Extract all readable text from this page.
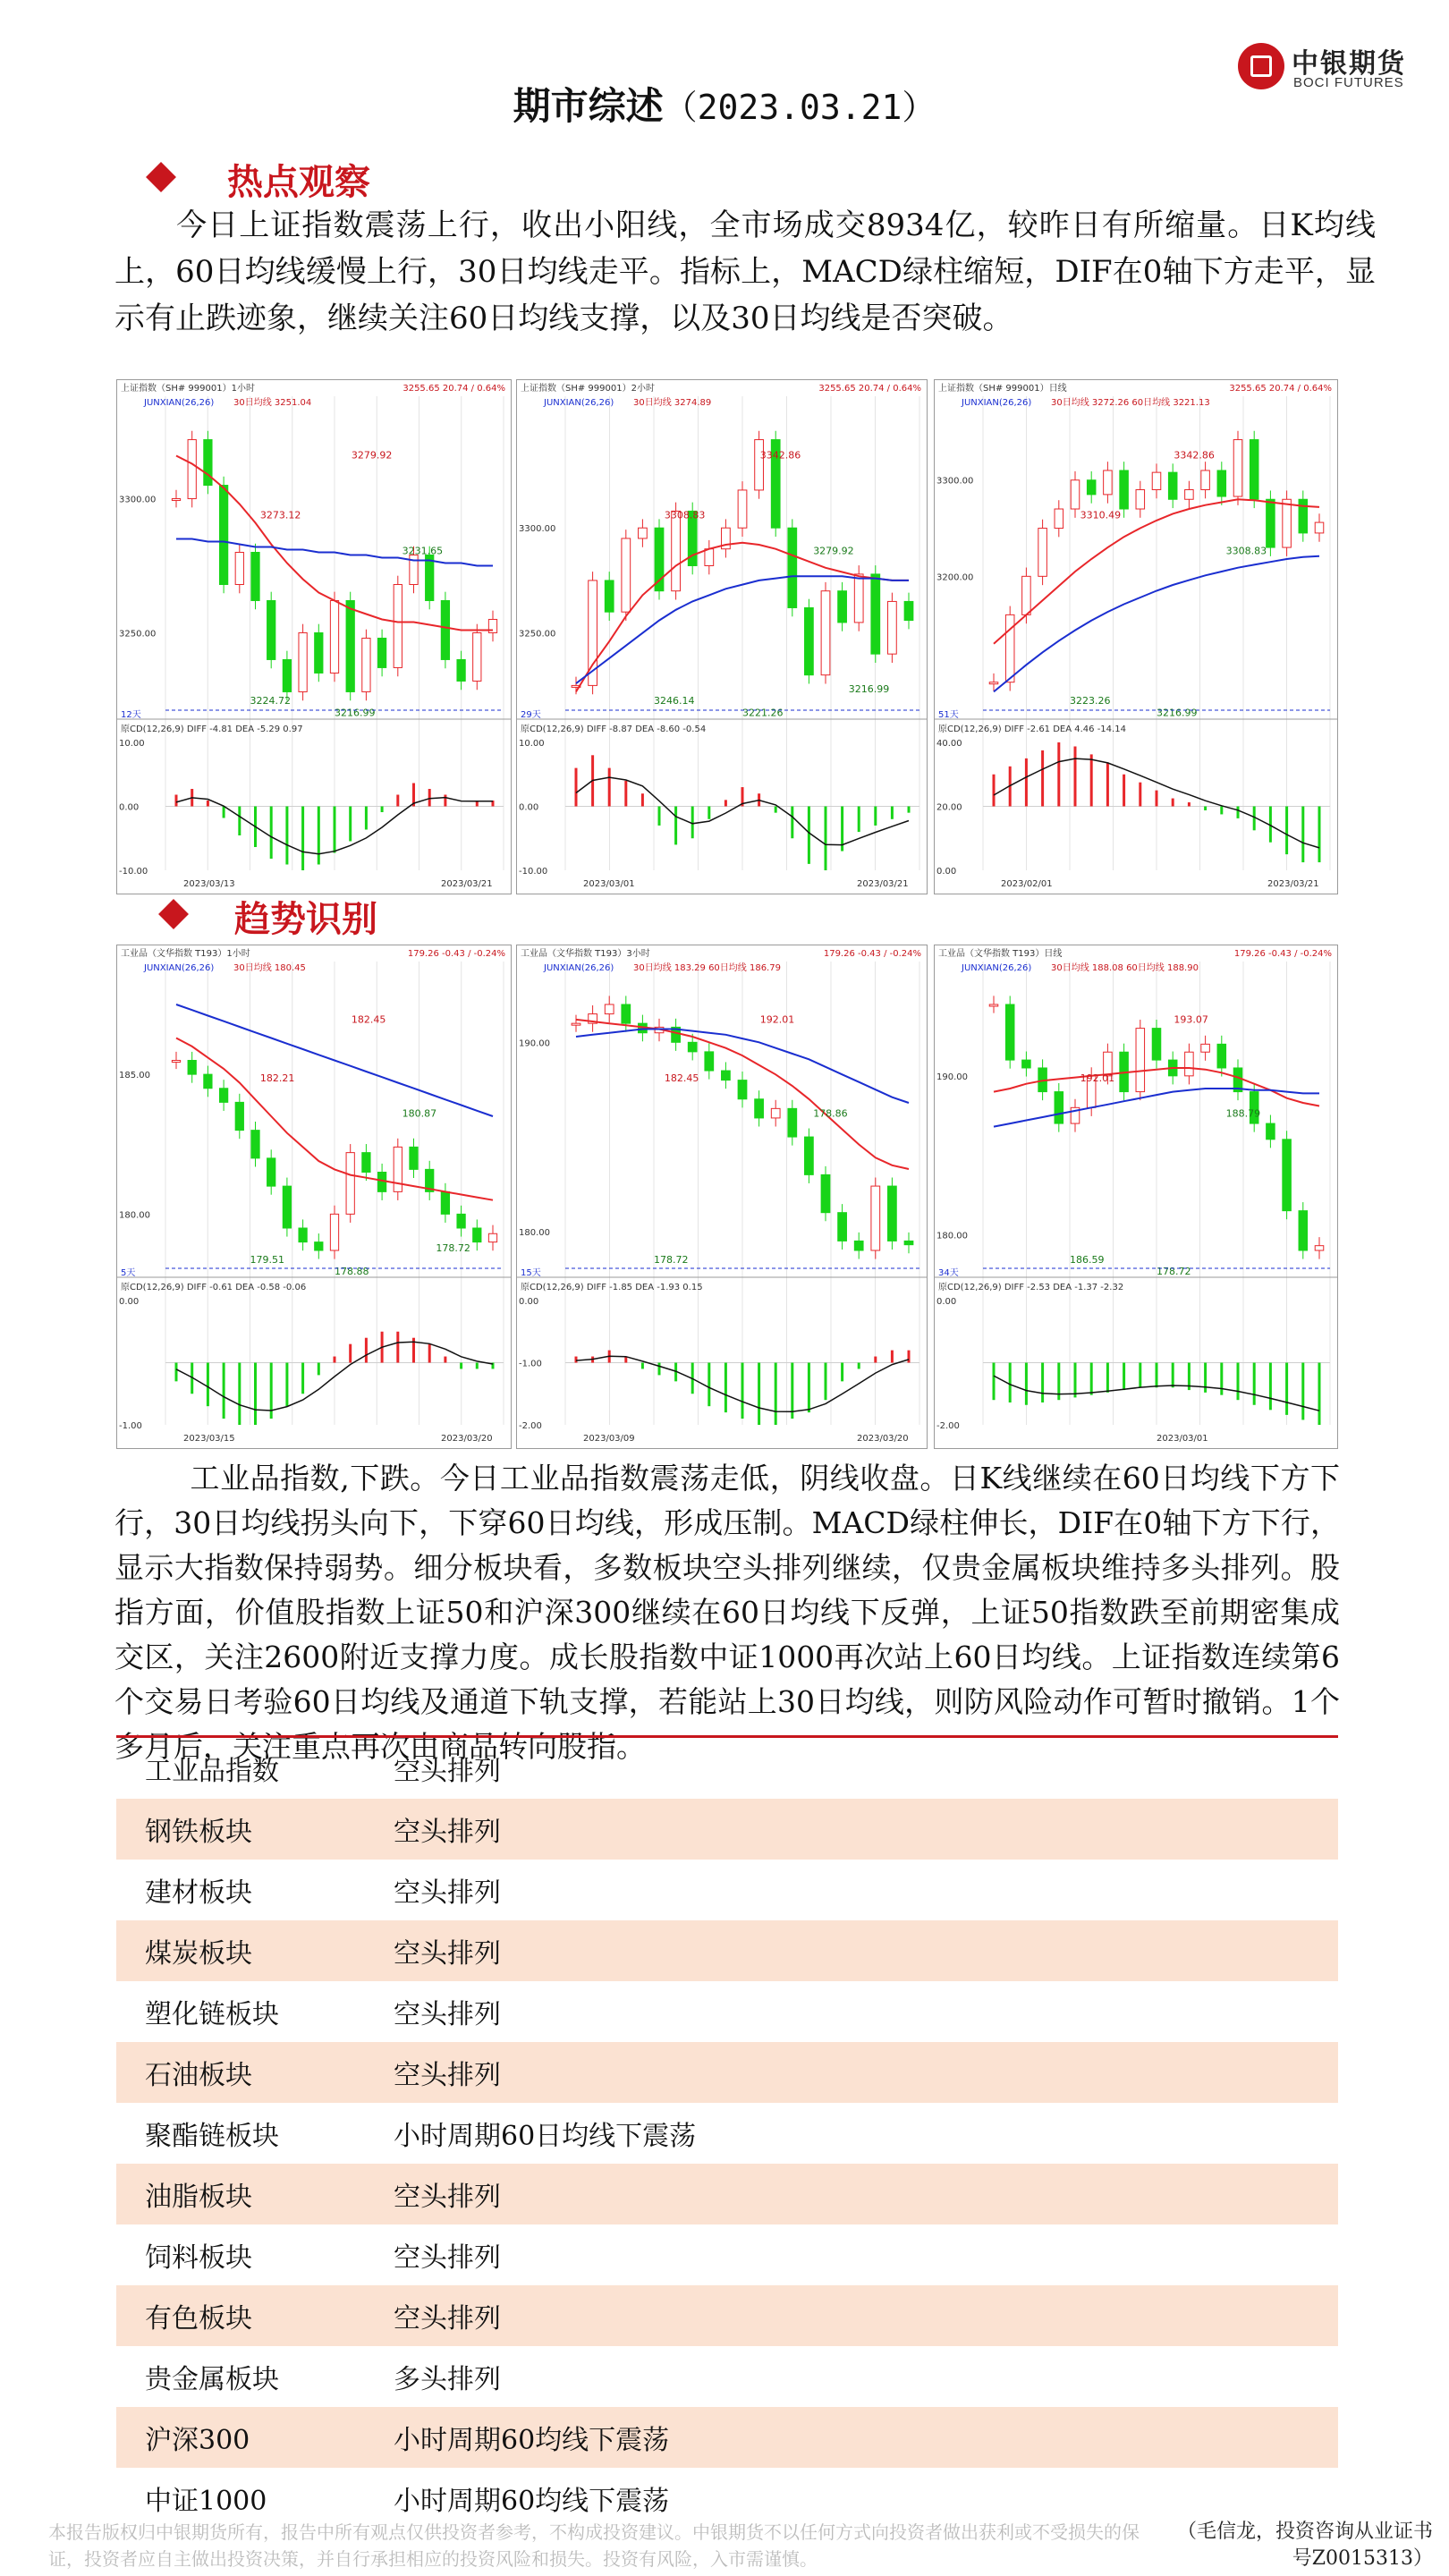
中银期货
BOCI FUTURES
期市综述（2023.03.21）
热点观察
今日上证指数震荡上行，收出小阳线，全市场成交8934亿，较昨日有所缩量。日K均线上，60日均线缓慢上行，30日均线走平。指标上，MACD绿柱缩短，DIF在0轴下方走平，显示有止跌迹象，继续关注60日均线支撑，以及30日均线是否突破。
上证指数（SH# 999001）1小时	3255.65 20.74 / 0.64%
JUNXIAN(26,26) 30日均线 3251.04
3300.00
3250.00
3279.92
3273.12
3231.65
3224.72
3216.99
12天
原CD(12,26,9) DIFF -4.81 DEA -5.29 0.97
10.00
0.00
-10.00
2023/03/13	2023/03/21
上证指数（SH# 999001）2小时	3255.65 20.74 / 0.64%
JUNXIAN(26,26) 30日均线 3274.89
3300.00
3250.00
3342.86
3308.83
3279.92
3246.14
3221.26
3216.99
29天
原CD(12,26,9) DIFF -8.87 DEA -8.60 -0.54
10.00
0.00
-10.00
2023/03/01	2023/03/21
上证指数（SH# 999001）日线	3255.65 20.74 / 0.64%
JUNXIAN(26,26) 30日均线 3272.26 60日均线 3221.13
3300.00
3200.00
3342.86
3310.49
3308.83
3223.26
3216.99
51天
原CD(12,26,9) DIFF -2.61 DEA 4.46 -14.14
40.00
20.00
0.00
2023/02/01	2023/03/21
趋势识别
工业品（文华指数 T193）1小时	179.26 -0.43 / -0.24%
JUNXIAN(26,26) 30日均线 180.45
185.00
180.00
182.45
182.21
180.87
179.51
178.88
178.72
5天
原CD(12,26,9) DIFF -0.61 DEA -0.58 -0.06
0.00
-1.00
2023/03/15	2023/03/20
工业品（文华指数 T193）3小时	179.26 -0.43 / -0.24%
JUNXIAN(26,26) 30日均线 183.29 60日均线 186.79
190.00
180.00
192.01
182.45
178.86
178.72
15天
原CD(12,26,9) DIFF -1.85 DEA -1.93 0.15
0.00
-1.00
-2.00
2023/03/09	2023/03/20
工业品（文华指数 T193）日线	179.26 -0.43 / -0.24%
JUNXIAN(26,26) 30日均线 188.08 60日均线 188.90
190.00
180.00
193.07
192.01
188.79
186.59
178.72
34天
原CD(12,26,9) DIFF -2.53 DEA -1.37 -2.32
0.00
-2.00
2023/03/01
工业品指数,下跌。今日工业品指数震荡走低，阴线收盘。日K线继续在60日均线下方下行，30日均线拐头向下，下穿60日均线，形成压制。MACD绿柱伸长，DIF在0轴下方下行，显示大指数保持弱势。细分板块看，多数板块空头排列继续，仅贵金属板块维持多头排列。股指方面，价值股指数上证50和沪深300继续在60日均线下反弹，上证50指数跌至前期密集成交区，关注2600附近支撑力度。成长股指数中证1000再次站上60日均线。上证指数连续第6个交易日考验60日均线及通道下轨支撑，若能站上30日均线，则防风险动作可暂时撤销。1个多月后，关注重点再次由商品转向股指。
工业品指数	空头排列
钢铁板块	空头排列
建材板块	空头排列
煤炭板块	空头排列
塑化链板块	空头排列
石油板块	空头排列
聚酯链板块	小时周期60日均线下震荡
油脂板块	空头排列
饲料板块	空头排列
有色板块	空头排列
贵金属板块	多头排列
沪深300	小时周期60均线下震荡
中证1000	小时周期60均线下震荡
本报告版权归中银期货所有，报告中所有观点仅供投资者参考，不构成投资建议。中银期货不以任何方式向投资者做出获利或不受损失的保证，投资者应自主做出投资决策，并自行承担相应的投资风险和损失。投资有风险，入市需谨慎。
（毛信龙，投资咨询从业证书号Z0015313）
